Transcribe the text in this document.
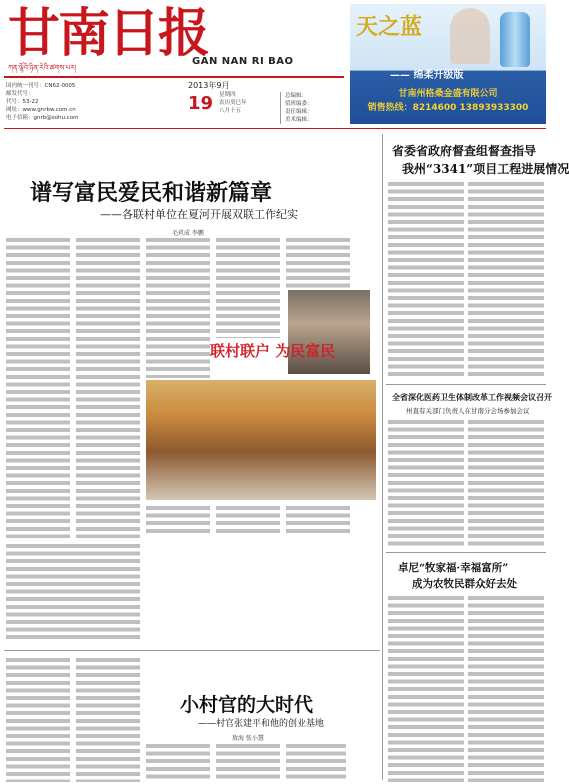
甘南日报
ཀན་ལྷོའི་ཉིན་རེའི་ཚགས་པར།
GAN NAN RI BAO
国内统一刊号：CN62-0005
邮发代号：
代号：53-22
网址：www.gnrbw.com.cn
电子信箱：gnrb@sohu.com
2013年9月
19 星期四
农历癸巳年
八月十五
总编辑：
值班编委：
责任编辑：
美术编辑：
天之蓝
—— 绵柔升级版
甘南州格桑金盛有限公司
销售热线：8214600 13893933300
谱写富民爱民和谐新篇章
——各联村单位在夏河开展双联工作纪实
毛玖成 李鹏
联村联户 为民富民
小村官的大时代
——村官张建平和他的创业基地
敖海 张小慧
省委省政府督查组督查指导
我州“3341”项目工程进展情况
全省深化医药卫生体制改革工作视频会议召开
州直有关部门负责人在甘南分会场参加会议
卓尼“牧家福·幸福富所”
成为农牧民群众好去处
